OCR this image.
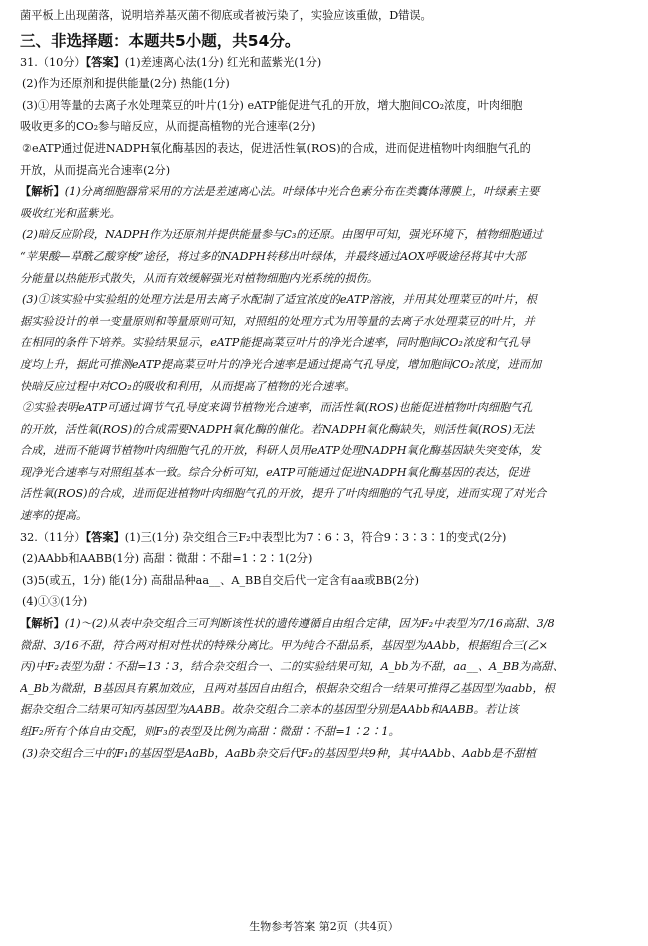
菌平板上出现菌落，说明培养基灭菌不彻底或者被污染了，实验应该重做，D错误。

三、非选择题：本题共5小题，共54分。

31.（10分）【答案】(1)差速离心法(1分) 红光和蓝紫光(1分)

(2)作为还原剂和提供能量(2分) 热能(1分)

(3)①用等量的去离子水处理菜豆的叶片(1分) eATP能促进气孔的开放，增大胞间CO₂浓度，叶肉细胞

吸收更多的CO₂参与暗反应，从而提高植物的光合速率(2分)

②eATP通过促进NADPH氧化酶基因的表达，促进活性氧(ROS)的合成，进而促进植物叶肉细胞气孔的

开放，从而提高光合速率(2分)

【解析】(1)分离细胞器常采用的方法是差速离心法。叶绿体中光合色素分布在类囊体薄膜上，叶绿素主要

吸收红光和蓝紫光。

(2)暗反应阶段，NADPH作为还原剂并提供能量参与C₃的还原。由图甲可知，强光环境下，植物细胞通过

“苹果酸—草酰乙酸穿梭”途径，将过多的NADPH转移出叶绿体，并最终通过AOX呼吸途径将其中大部

分能量以热能形式散失，从而有效缓解强光对植物细胞内光系统的损伤。

(3)①该实验中实验组的处理方法是用去离子水配制了适宜浓度的eATP溶液，并用其处理菜豆的叶片，根

据实验设计的单一变量原则和等量原则可知，对照组的处理方式为用等量的去离子水处理菜豆的叶片，并

在相同的条件下培养。实验结果显示，eATP能提高菜豆叶片的净光合速率，同时胞间CO₂浓度和气孔导

度均上升，据此可推测eATP提高菜豆叶片的净光合速率是通过提高气孔导度，增加胞间CO₂浓度，进而加

快暗反应过程中对CO₂的吸收和利用，从而提高了植物的光合速率。

②实验表明eATP可通过调节气孔导度来调节植物光合速率，而活性氧(ROS)也能促进植物叶肉细胞气孔

的开放，活性氧(ROS)的合成需要NADPH氧化酶的催化。若NADPH氧化酶缺失，则活性氧(ROS)无法

合成，进而不能调节植物叶肉细胞气孔的开放，科研人员用eATP处理NADPH氧化酶基因缺失突变体，发

现净光合速率与对照组基本一致。综合分析可知，eATP可能通过促进NADPH氧化酶基因的表达，促进

活性氧(ROS)的合成，进而促进植物叶肉细胞气孔的开放，提升了叶肉细胞的气孔导度，进而实现了对光合

速率的提高。

32.（11分）【答案】(1)三(1分) 杂交组合三F₂中表型比为7∶6∶3，符合9∶3∶3∶1的变式(2分)

(2)AAbb和AABB(1分) 高甜∶微甜∶不甜=1∶2∶1(2分)

(3)5(或五，1分) 能(1分) 高甜品种aa__、A_BB自交后代一定含有aa或BB(2分)

(4)①③(1分)

【解析】(1)～(2)从表中杂交组合三可判断该性状的遗传遵循自由组合定律，因为F₂中表型为7/16高甜、3/8

微甜、3/16不甜，符合两对相对性状的特殊分离比。甲为纯合不甜品系，基因型为AAbb，根据组合三(乙×

丙)中F₂表型为甜∶不甜=13∶3，结合杂交组合一、二的实验结果可知，A_bb为不甜，aa__、A_BB为高甜、

A_Bb为微甜，B基因具有累加效应，且两对基因自由组合，根据杂交组合一结果可推得乙基因型为aabb，根

据杂交组合二结果可知丙基因型为AABB。故杂交组合二亲本的基因型分别是AAbb和AABB。若让该

组F₂所有个体自由交配，则F₃的表型及比例为高甜∶微甜∶不甜=1∶2∶1。

(3)杂交组合三中的F₁的基因型是AaBb，AaBb杂交后代F₂的基因型共9种，其中AAbb、Aabb是不甜植

生物参考答案 第2页（共4页）
